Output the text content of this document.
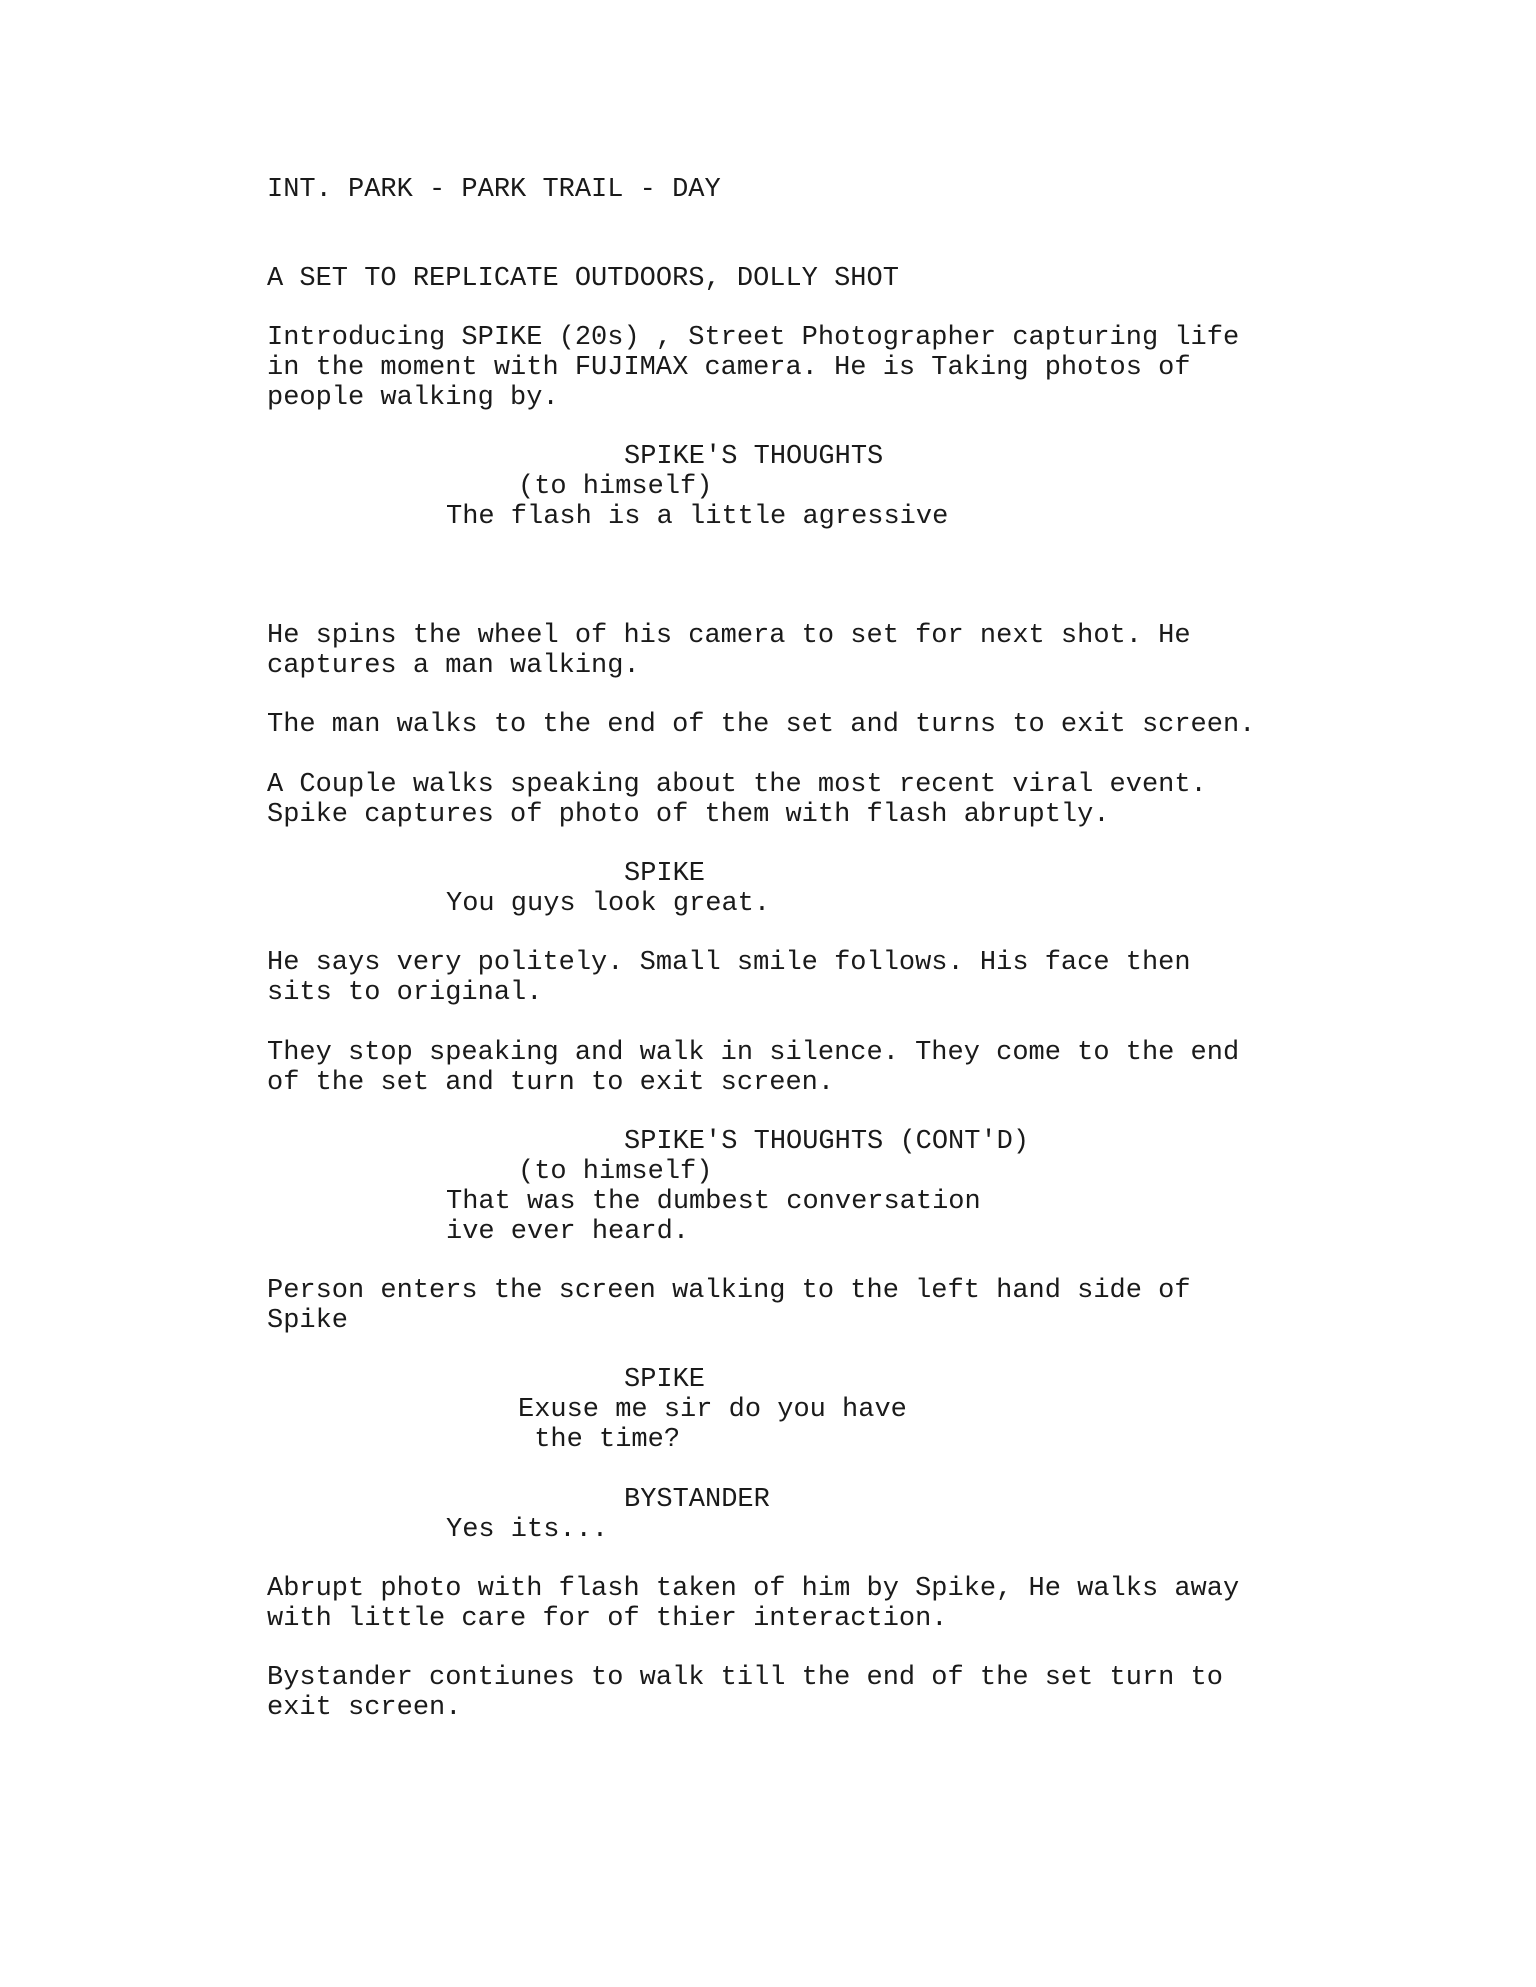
INT. PARK - PARK TRAIL - DAY

A SET TO REPLICATE OUTDOORS, DOLLY SHOT

Introducing SPIKE (20s) , Street Photographer capturing life

in the moment with FUJIMAX camera. He is Taking photos of

people walking by.

SPIKE'S THOUGHTS

(to himself)

The flash is a little agressive

He spins the wheel of his camera to set for next shot. He

captures a man walking.

The man walks to the end of the set and turns to exit screen.

A Couple walks speaking about the most recent viral event.

Spike captures of photo of them with flash abruptly.

SPIKE

You guys look great.

He says very politely. Small smile follows. His face then

sits to original.

They stop speaking and walk in silence. They come to the end

of the set and turn to exit screen.

SPIKE'S THOUGHTS (CONT'D)

(to himself)

That was the dumbest conversation

ive ever heard.

Person enters the screen walking to the left hand side of

Spike

SPIKE

Exuse me sir do you have

the time?

BYSTANDER

Yes its...

Abrupt photo with flash taken of him by Spike, He walks away

with little care for of thier interaction.

Bystander contiunes to walk till the end of the set turn to

exit screen.
